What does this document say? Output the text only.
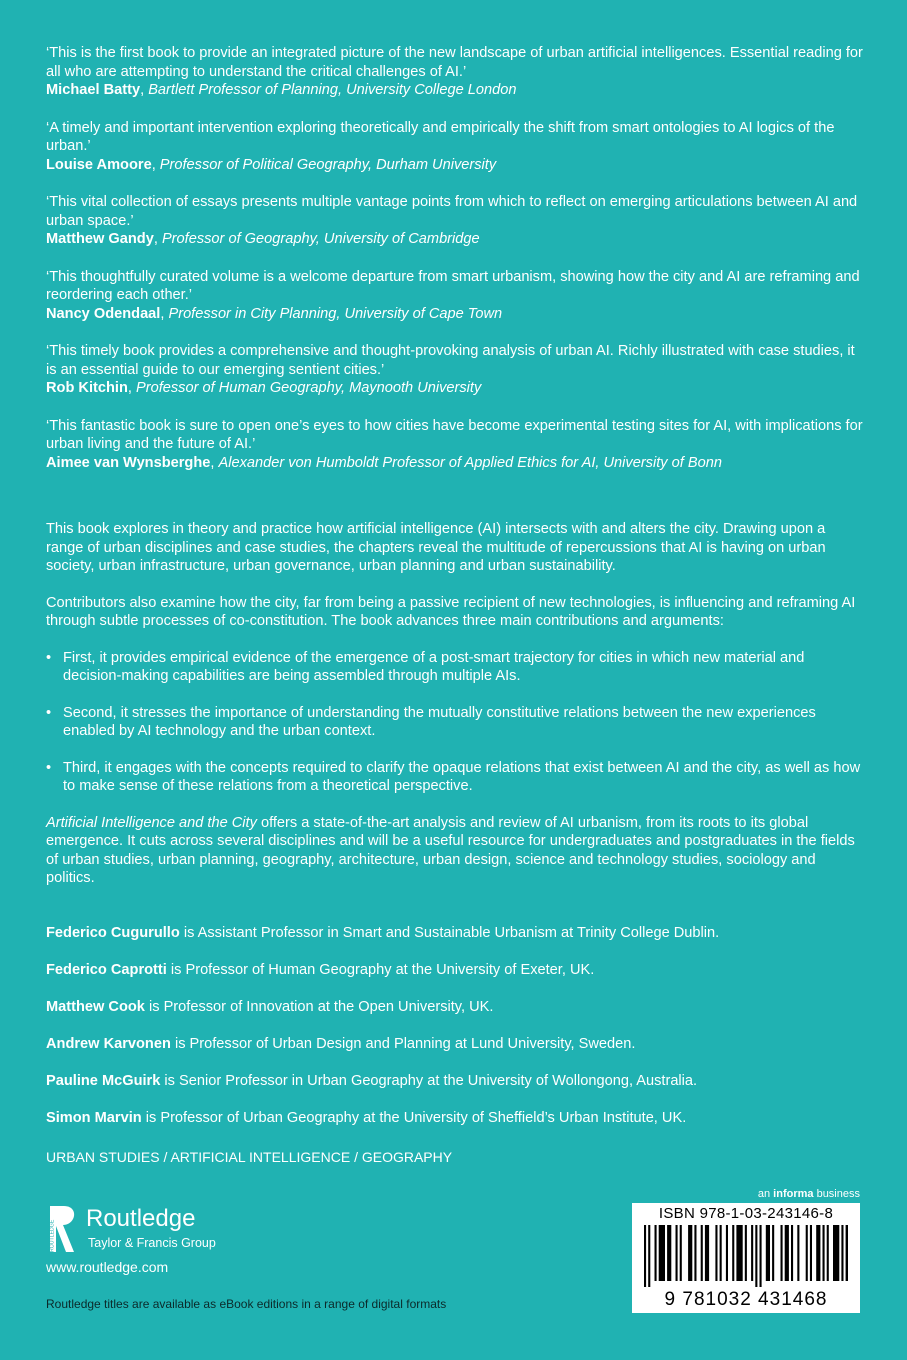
‘This is the first book to provide an integrated picture of the new landscape of urban artificial intelligences. Essential reading for all who are attempting to understand the critical challenges of AI.’
Michael Batty, Bartlett Professor of Planning, University College London
‘A timely and important intervention exploring theoretically and empirically the shift from smart ontologies to AI logics of the urban.’
Louise Amoore, Professor of Political Geography, Durham University
‘This vital collection of essays presents multiple vantage points from which to reflect on emerging articulations between AI and urban space.’
Matthew Gandy, Professor of Geography, University of Cambridge
‘This thoughtfully curated volume is a welcome departure from smart urbanism, showing how the city and AI are reframing and reordering each other.’
Nancy Odendaal, Professor in City Planning, University of Cape Town
‘This timely book provides a comprehensive and thought-provoking analysis of urban AI. Richly illustrated with case studies, it is an essential guide to our emerging sentient cities.’
Rob Kitchin, Professor of Human Geography, Maynooth University
‘This fantastic book is sure to open one’s eyes to how cities have become experimental testing sites for AI, with implications for urban living and the future of AI.’
Aimee van Wynsberghe, Alexander von Humboldt Professor of Applied Ethics for AI, University of Bonn

This book explores in theory and practice how artificial intelligence (AI) intersects with and alters the city. Drawing upon a range of urban disciplines and case studies, the chapters reveal the multitude of repercussions that AI is having on urban society, urban infrastructure, urban governance, urban planning and urban sustainability.

Contributors also examine how the city, far from being a passive recipient of new technologies, is influencing and reframing AI through subtle processes of co-constitution. The book advances three main contributions and arguments:

• First, it provides empirical evidence of the emergence of a post-smart trajectory for cities in which new material and decision-making capabilities are being assembled through multiple AIs.
• Second, it stresses the importance of understanding the mutually constitutive relations between the new experiences enabled by AI technology and the urban context.
• Third, it engages with the concepts required to clarify the opaque relations that exist between AI and the city, as well as how to make sense of these relations from a theoretical perspective.

Artificial Intelligence and the City offers a state-of-the-art analysis and review of AI urbanism, from its roots to its global emergence. It cuts across several disciplines and will be a useful resource for undergraduates and postgraduates in the fields of urban studies, urban planning, geography, architecture, urban design, science and technology studies, sociology and politics.

Federico Cugurullo is Assistant Professor in Smart and Sustainable Urbanism at Trinity College Dublin.
Federico Caprotti is Professor of Human Geography at the University of Exeter, UK.
Matthew Cook is Professor of Innovation at the Open University, UK.
Andrew Karvonen is Professor of Urban Design and Planning at Lund University, Sweden.
Pauline McGuirk is Senior Professor in Urban Geography at the University of Wollongong, Australia.
Simon Marvin is Professor of Urban Geography at the University of Sheffield’s Urban Institute, UK.
URBAN STUDIES / ARTIFICIAL INTELLIGENCE / GEOGRAPHY
ROUTLEDGE
Routledge
Taylor & Francis Group
www.routledge.com
Routledge titles are available as eBook editions in a range of digital formats
an informa business
ISBN 978-1-03-243146-8
9 781032 431468
